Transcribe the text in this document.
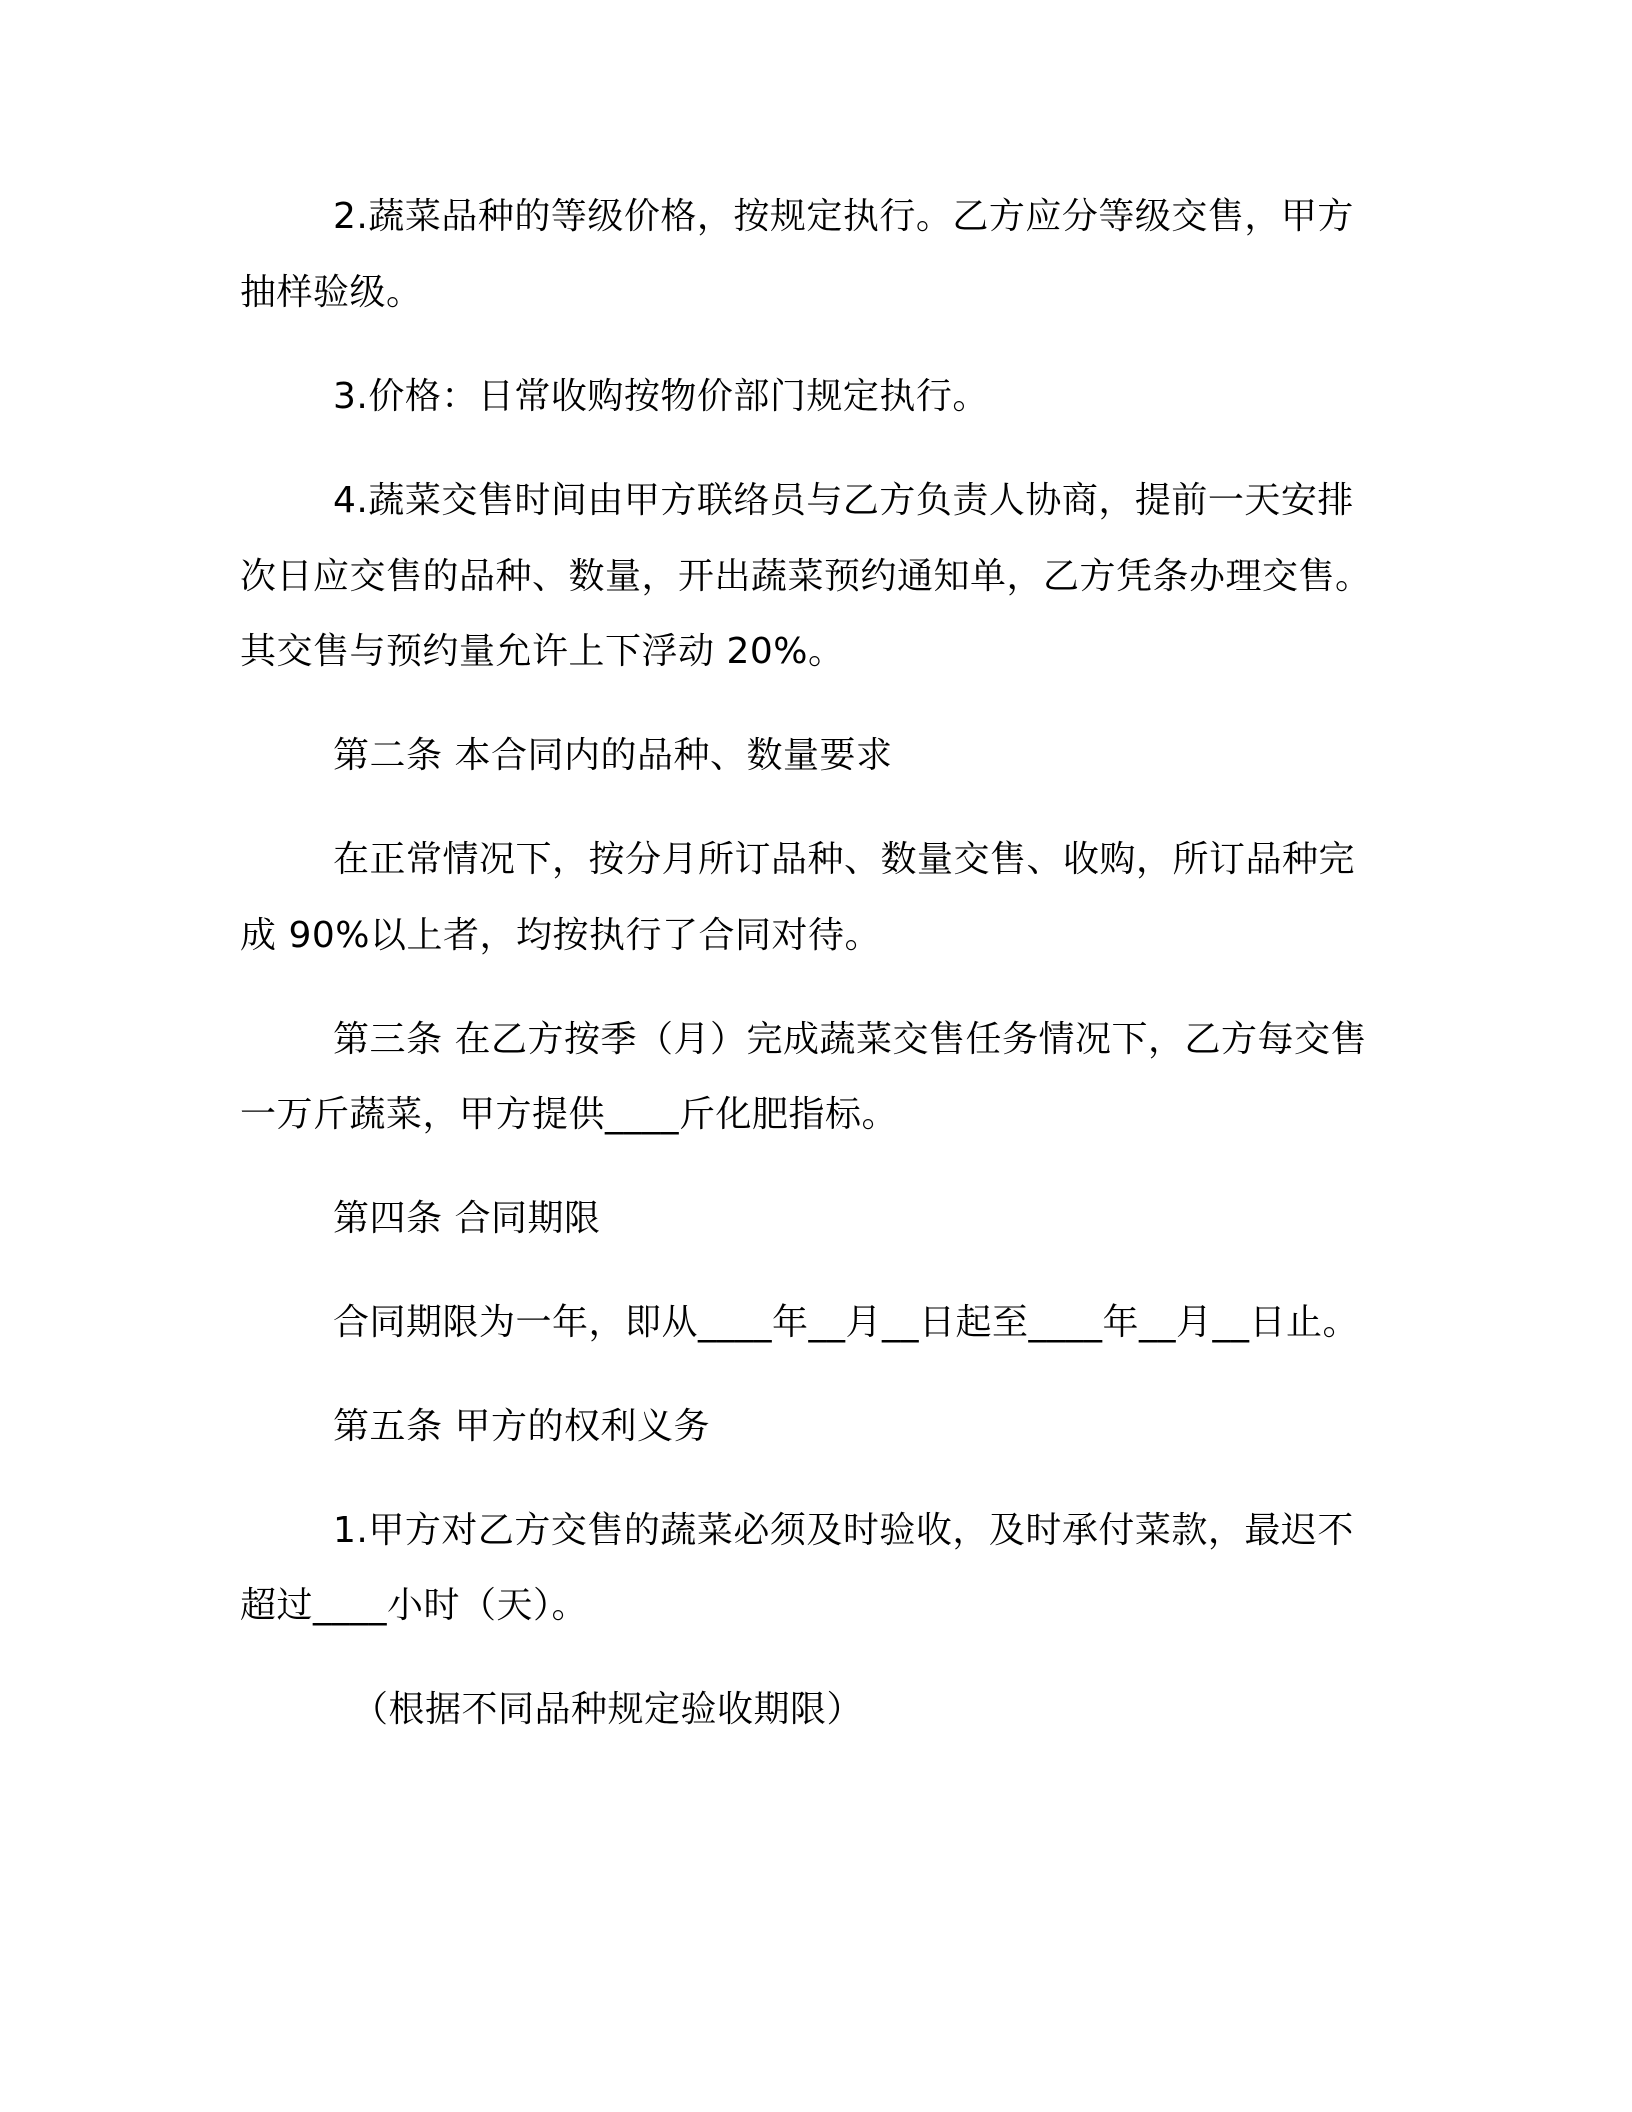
2.蔬菜品种的等级价格，按规定执行。乙方应分等级交售，甲方
抽样验级。
3.价格：日常收购按物价部门规定执行。
4.蔬菜交售时间由甲方联络员与乙方负责人协商，提前一天安排
次日应交售的品种、数量，开出蔬菜预约通知单，乙方凭条办理交售。
其交售与预约量允许上下浮动 20%。
第二条 本合同内的品种、数量要求
在正常情况下，按分月所订品种、数量交售、收购，所订品种完
成 90%以上者，均按执行了合同对待。
第三条 在乙方按季（月）完成蔬菜交售任务情况下，乙方每交售
一万斤蔬菜，甲方提供____斤化肥指标。
第四条 合同期限
合同期限为一年，即从____年__月__日起至____年__月__日止。
第五条 甲方的权利义务
1.甲方对乙方交售的蔬菜必须及时验收，及时承付菜款，最迟不
超过____小时（天）。
（根据不同品种规定验收期限）
